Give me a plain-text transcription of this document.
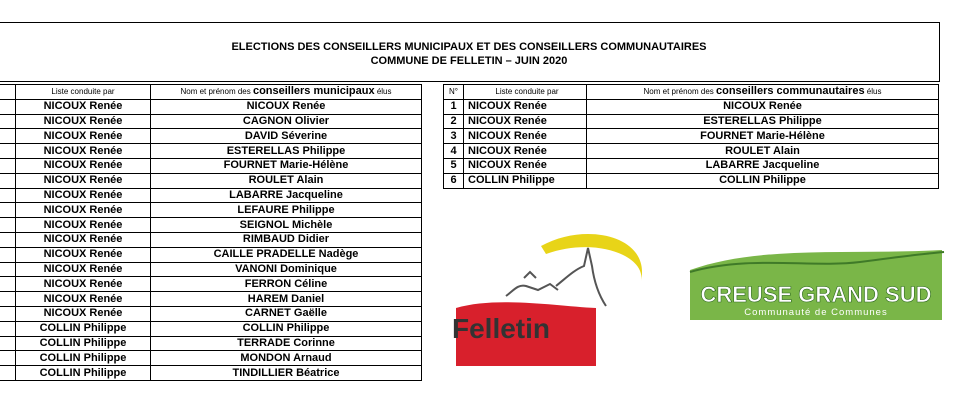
ELECTIONS DES CONSEILLERS MUNICIPAUX ET DES CONSEILLERS COMMUNAUTAIRES
COMMUNE DE FELLETIN – JUIN 2020
	Liste conduite par	Nom et prénom des conseillers municipaux élus
	NICOUX Renée	NICOUX Renée
	NICOUX Renée	CAGNON Olivier
	NICOUX Renée	DAVID Séverine
	NICOUX Renée	ESTERELLAS Philippe
	NICOUX Renée	FOURNET Marie-Hélène
	NICOUX Renée	ROULET Alain
	NICOUX Renée	LABARRE Jacqueline
	NICOUX Renée	LEFAURE Philippe
	NICOUX Renée	SEIGNOL Michèle
	NICOUX Renée	RIMBAUD Didier
	NICOUX Renée	CAILLE PRADELLE Nadège
	NICOUX Renée	VANONI Dominique
	NICOUX Renée	FERRON Céline
	NICOUX Renée	HAREM Daniel
	NICOUX Renée	CARNET Gaëlle
	COLLIN Philippe	COLLIN Philippe
	COLLIN Philippe	TERRADE Corinne
	COLLIN Philippe	MONDON Arnaud
	COLLIN Philippe	TINDILLIER Béatrice
N°	Liste conduite par	Nom et prénom des conseillers communautaires élus
1	NICOUX Renée	NICOUX Renée
2	NICOUX Renée	ESTERELLAS Philippe
3	NICOUX Renée	FOURNET Marie-Hélène
4	NICOUX Renée	ROULET Alain
5	NICOUX Renée	LABARRE Jacqueline
6	COLLIN Philippe	COLLIN Philippe
Felletin
CREUSE GRAND SUD
Communauté de Communes
